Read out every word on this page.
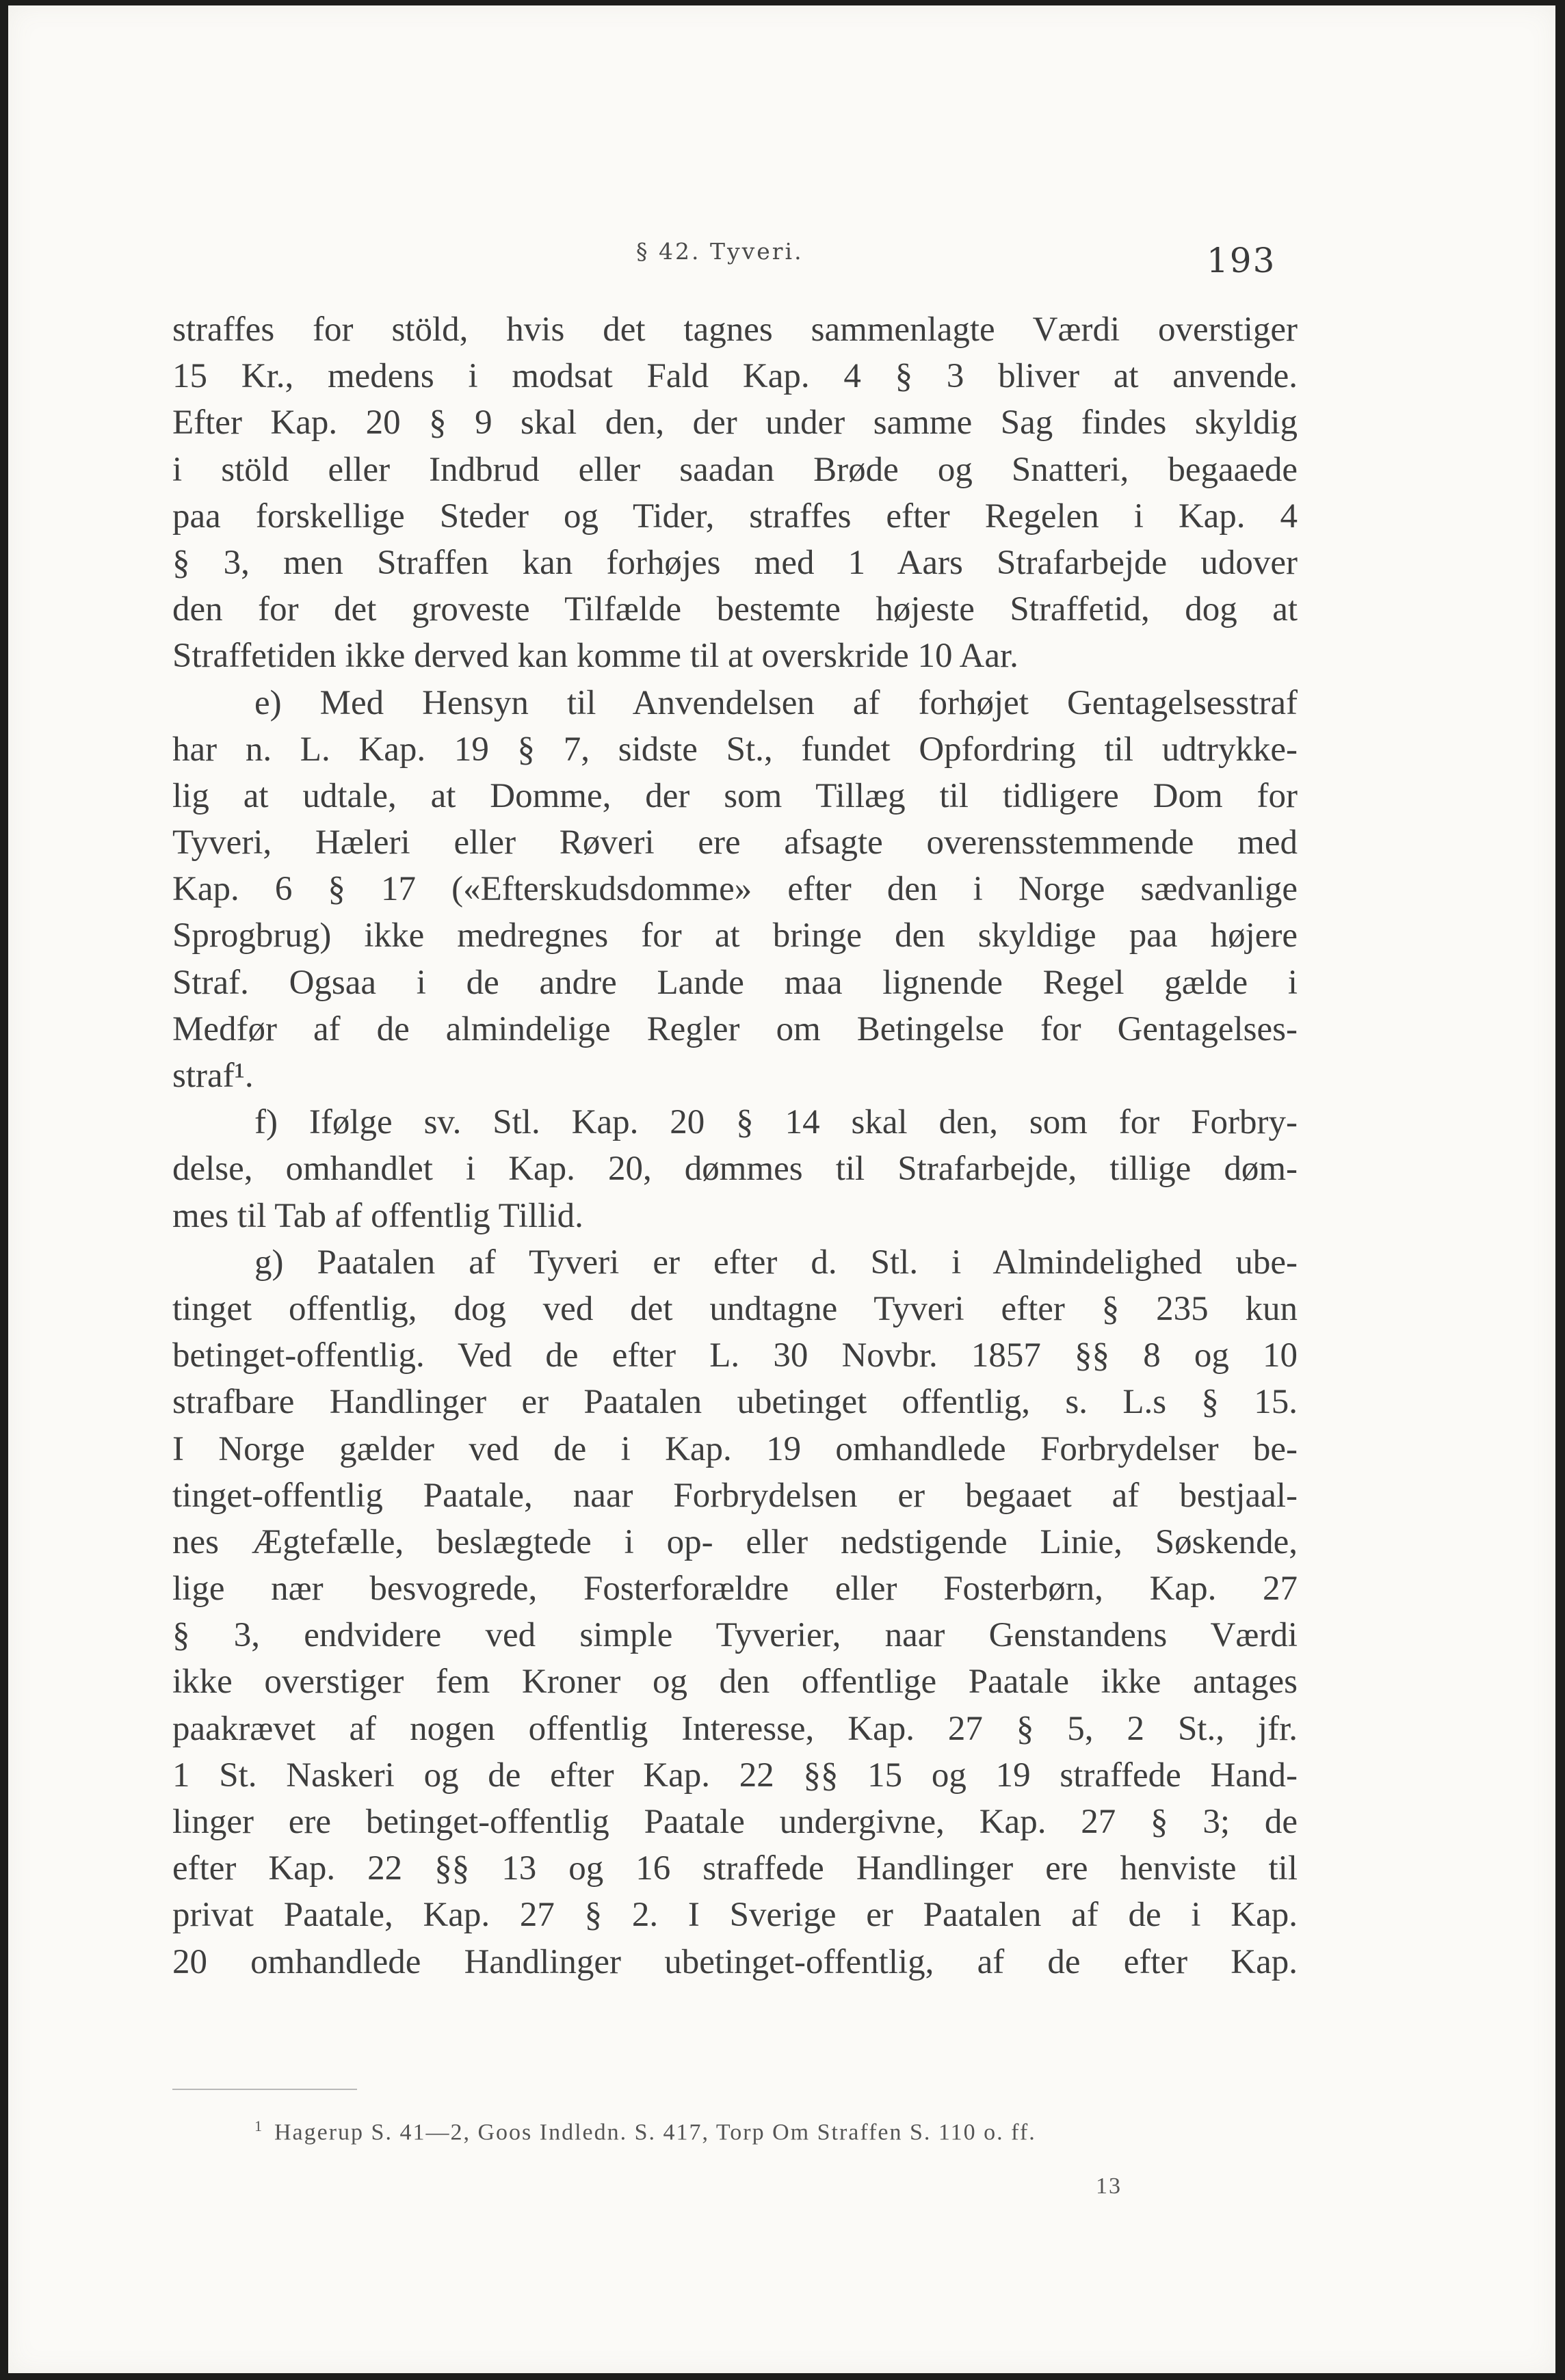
§ 42. Tyveri.	193
straffes for stöld, hvis det tagnes sammenlagte Værdi overstiger
15 Kr., medens i modsat Fald Kap. 4 § 3 bliver at anvende.
Efter Kap. 20 § 9 skal den, der under samme Sag findes skyldig
i stöld eller Indbrud eller saadan Brøde og Snatteri, begaaede
paa forskellige Steder og Tider, straffes efter Regelen i Kap. 4
§ 3, men Straffen kan forhøjes med 1 Aars Strafarbejde udover
den for det groveste Tilfælde bestemte højeste Straffetid, dog at
Straffetiden ikke derved kan komme til at overskride 10 Aar.
e) Med Hensyn til Anvendelsen af forhøjet Gentagelsesstraf
har n. L. Kap. 19 § 7, sidste St., fundet Opfordring til udtrykke-
lig at udtale, at Domme, der som Tillæg til tidligere Dom for
Tyveri, Hæleri eller Røveri ere afsagte overensstemmende med
Kap. 6 § 17 («Efterskudsdomme» efter den i Norge sædvanlige
Sprogbrug) ikke medregnes for at bringe den skyldige paa højere
Straf. Ogsaa i de andre Lande maa lignende Regel gælde i
Medfør af de almindelige Regler om Betingelse for Gentagelses-
straf¹.
f) Ifølge sv. Stl. Kap. 20 § 14 skal den, som for Forbry-
delse, omhandlet i Kap. 20, dømmes til Strafarbejde, tillige døm-
mes til Tab af offentlig Tillid.
g) Paatalen af Tyveri er efter d. Stl. i Almindelighed ube-
tinget offentlig, dog ved det undtagne Tyveri efter § 235 kun
betinget-offentlig. Ved de efter L. 30 Novbr. 1857 §§ 8 og 10
strafbare Handlinger er Paatalen ubetinget offentlig, s. L.s § 15.
I Norge gælder ved de i Kap. 19 omhandlede Forbrydelser be-
tinget-offentlig Paatale, naar Forbrydelsen er begaaet af bestjaal-
nes Ægtefælle, beslægtede i op- eller nedstigende Linie, Søskende,
lige nær besvogrede, Fosterforældre eller Fosterbørn, Kap. 27
§ 3, endvidere ved simple Tyverier, naar Genstandens Værdi
ikke overstiger fem Kroner og den offentlige Paatale ikke antages
paakrævet af nogen offentlig Interesse, Kap. 27 § 5, 2 St., jfr.
1 St. Naskeri og de efter Kap. 22 §§ 15 og 19 straffede Hand-
linger ere betinget-offentlig Paatale undergivne, Kap. 27 § 3; de
efter Kap. 22 §§ 13 og 16 straffede Handlinger ere henviste til
privat Paatale, Kap. 27 § 2. I Sverige er Paatalen af de i Kap.
20 omhandlede Handlinger ubetinget-offentlig, af de efter Kap.
$^1$ Hagerup S. 41—2, Goos Indledn. S. 417, Torp Om Straffen S. 110 o. ff.
13
